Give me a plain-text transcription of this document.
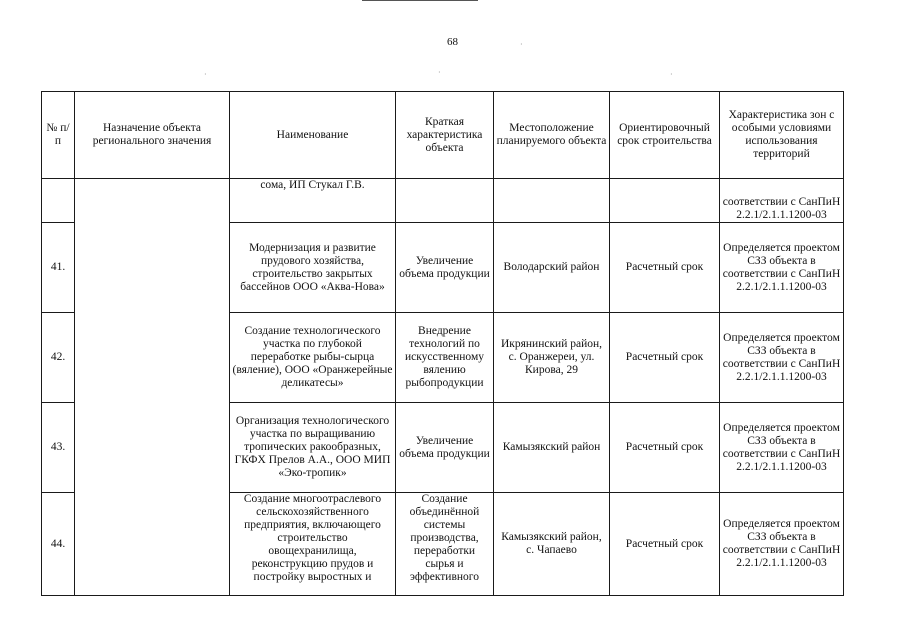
68
·	·	·
·
№ п/п	Назначение объекта регионального значения	Наименование	Краткая характеристика объекта	Местоположение планируемого объекта	Ориентировочный срок строительства	Характеристика зон с особыми условиями использования территорий
		сома, ИП Стукал Г.В.				соответствии с СанПиН 2.2.1/2.1.1.1200-03
41.		Модернизация и развитие прудового хозяйства, строительство закрытых бассейнов ООО «Аква-Нова»	Увеличение объема продукции	Володарский район	Расчетный срок	Определяется проектом СЗЗ объекта в соответствии с СанПиН 2.2.1/2.1.1.1200-03
42.		Создание технологического участка по глубокой переработке рыбы-сырца (вяление), ООО «Оранжерейные деликатесы»	Внедрение технологий по искусственному вялению рыбопродукции	Икрянинский район, с. Оранжереи, ул. Кирова, 29	Расчетный срок	Определяется проектом СЗЗ объекта в соответствии с СанПиН 2.2.1/2.1.1.1200-03
43.		Организация технологического участка по выращиванию тропических ракообразных, ГКФХ Прелов А.А., ООО МИП «Эко-тропик»	Увеличение объема продукции	Камызякский район	Расчетный срок	Определяется проектом СЗЗ объекта в соответствии с СанПиН 2.2.1/2.1.1.1200-03
44.		Создание многоотраслевого сельскохозяйственного предприятия, включающего строительство овощехранилища, реконструкцию прудов и постройку выростных и	Создание объединённой системы производства, переработки сырья и эффективного	Камызякский район, с. Чапаево	Расчетный срок	Определяется проектом СЗЗ объекта в соответствии с СанПиН 2.2.1/2.1.1.1200-03
